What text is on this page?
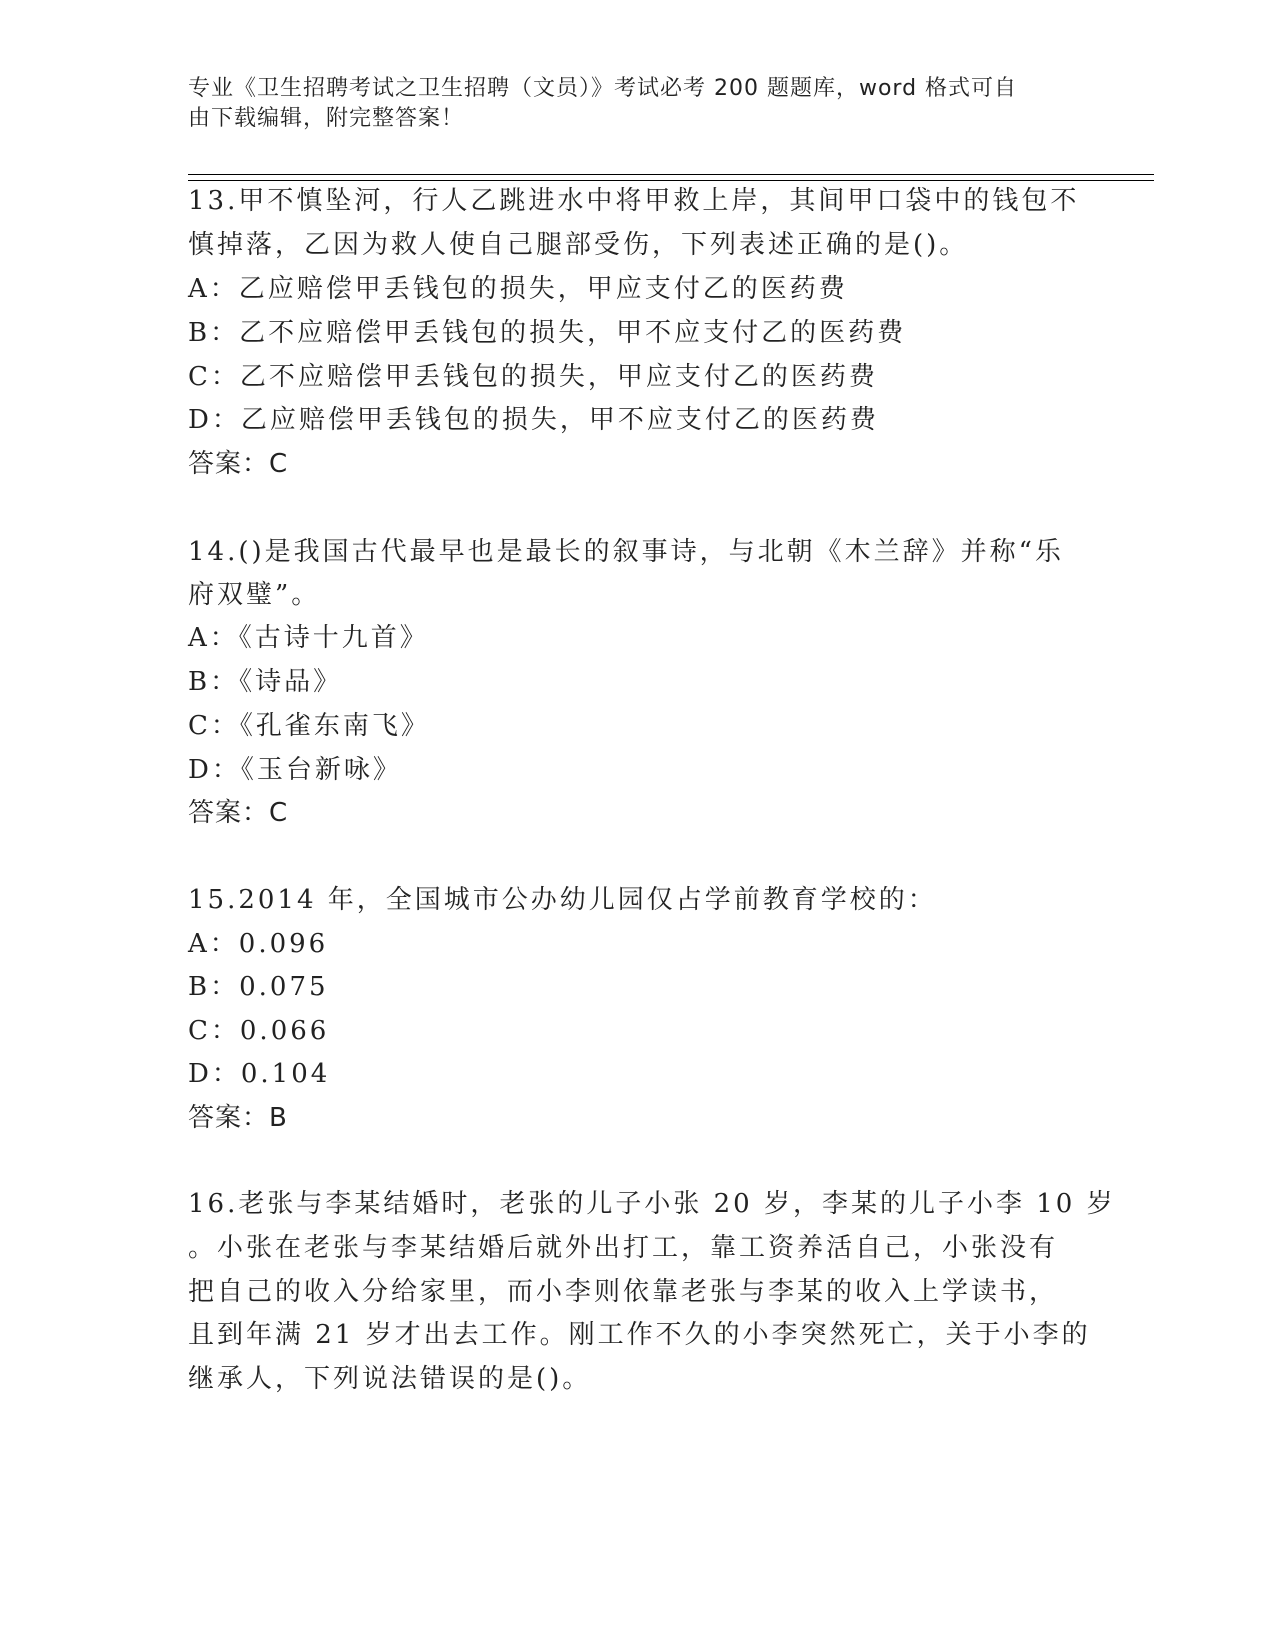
专业《卫生招聘考试之卫生招聘（文员）》考试必考 200 题题库，word 格式可自
由下载编辑，附完整答案！
13.甲不慎坠河，行人乙跳进水中将甲救上岸，其间甲口袋中的钱包不
慎掉落，乙因为救人使自己腿部受伤，下列表述正确的是()。
A：乙应赔偿甲丢钱包的损失，甲应支付乙的医药费
B：乙不应赔偿甲丢钱包的损失，甲不应支付乙的医药费
C：乙不应赔偿甲丢钱包的损失，甲应支付乙的医药费
D：乙应赔偿甲丢钱包的损失，甲不应支付乙的医药费
答案：C
14.()是我国古代最早也是最长的叙事诗，与北朝《木兰辞》并称“乐
府双璧”。
A：《古诗十九首》
B：《诗品》
C：《孔雀东南飞》
D：《玉台新咏》
答案：C
15.2014 年，全国城市公办幼儿园仅占学前教育学校的：
A：0.096
B：0.075
C：0.066
D：0.104
答案：B
16.老张与李某结婚时，老张的儿子小张 20 岁，李某的儿子小李 10 岁
。小张在老张与李某结婚后就外出打工，靠工资养活自己，小张没有
把自己的收入分给家里，而小李则依靠老张与李某的收入上学读书，
且到年满 21 岁才出去工作。刚工作不久的小李突然死亡，关于小李的
继承人，下列说法错误的是()。
